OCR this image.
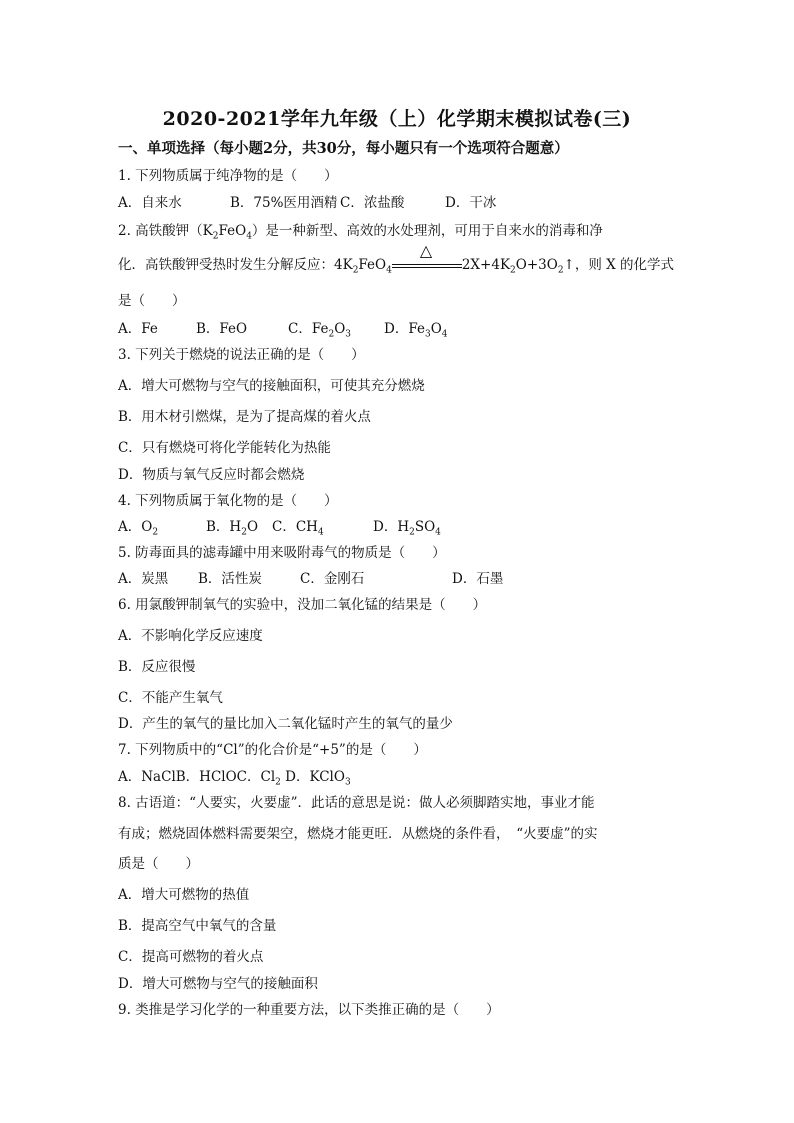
2020-2021学年九年级（上）化学期末模拟试卷(三)
一、单项选择（每小题2分，共30分，每小题只有一个选项符合题意）
1. 下列物质属于纯净物的是（　　）
A．自来水	B．75%医用酒精 C．浓盐酸	D．干冰
2. 高铁酸钾$(K_2FeO_4)$是一种新型、高效的水处理剂，可用于自来水的消毒和净
化．高铁酸钾受热时发生分解反应：$4K_2FeO_4$
△
$2X+4K_2O+3O_2↑$，则 X 的化学式
是（　　）
A．Fe	B．FeO	C．$Fe_2O_3$ D．$Fe_3O_4$
3. 下列关于燃烧的说法正确的是（　　）
A．增大可燃物与空气的接触面积，可使其充分燃烧
B．用木材引燃煤，是为了提高煤的着火点
C．只有燃烧可将化学能转化为热能
D．物质与氧气反应时都会燃烧
4. 下列物质属于氧化物的是（　　）
A．$O_2$	B．$H_2O$ C．$CH_4$	D．$H_2SO_4$
5. 防毒面具的滤毒罐中用来吸附毒气的物质是（　　）
A．炭黑 B．活性炭	C．金刚石	D．石墨
6. 用氯酸钾制氧气的实验中，没加二氧化锰的结果是（　　）
A．不影响化学反应速度
B．反应很慢
C．不能产生氧气
D．产生的氧气的量比加入二氧化锰时产生的氧气的量少
7. 下列物质中的“Cl”的化合价是“+5”的是（　　）
A．NaClB．HClOC．$Cl_2$ D．KClO$_3$
8. 古语道：“人要实，火要虚”．此话的意思是说：做人必须脚踏实地，事业才能
有成；燃烧固体燃料需要架空，燃烧才能更旺．从燃烧的条件看，　“火要虚”的实
质是（　　）
A．增大可燃物的热值
B．提高空气中氧气的含量
C．提高可燃物的着火点
D．增大可燃物与空气的接触面积
9. 类推是学习化学的一种重要方法，以下类推正确的是（　　）
